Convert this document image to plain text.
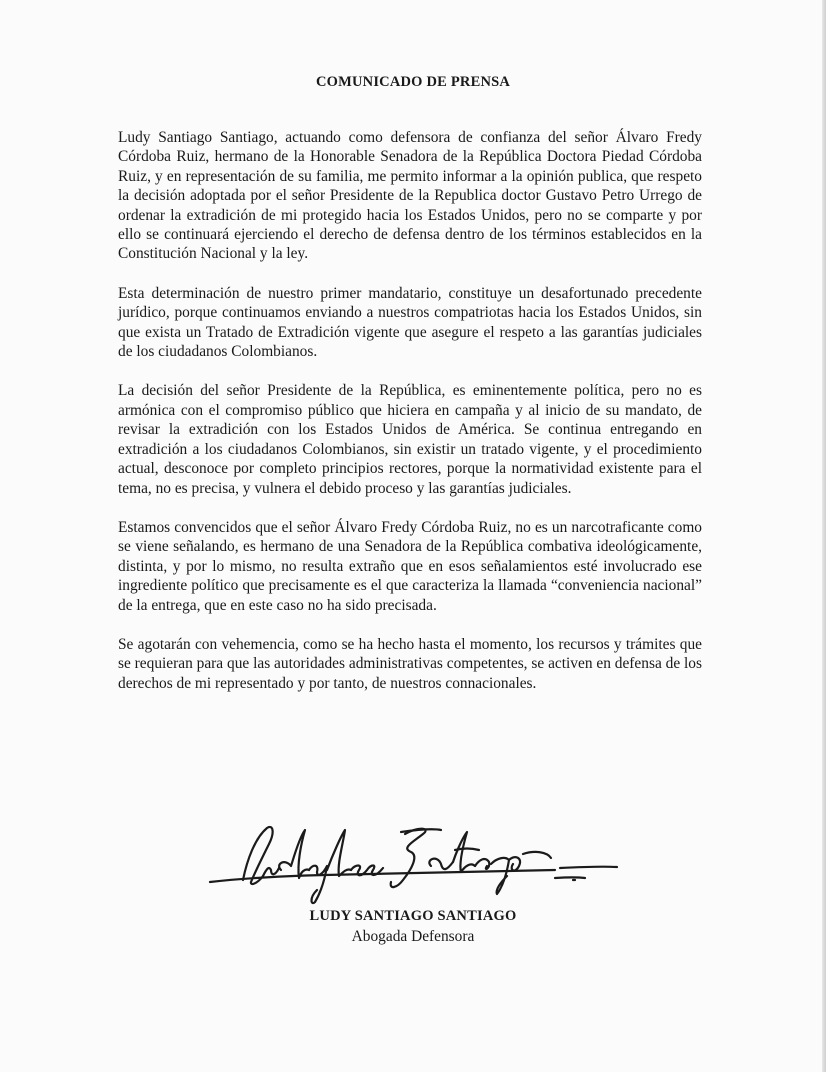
COMUNICADO DE PRENSA

Ludy Santiago Santiago, actuando como defensora de confianza del señor Álvaro Fredy Córdoba Ruiz, hermano de la Honorable Senadora de la República Doctora Piedad Córdoba Ruiz, y en representación de su familia, me permito informar a la opinión publica, que respeto la decisión adoptada por el señor Presidente de la Republica doctor Gustavo Petro Urrego de ordenar la extradición de mi protegido hacia los Estados Unidos, pero no se comparte y por ello se continuará ejerciendo el derecho de defensa dentro de los términos establecidos en la Constitución Nacional y la ley.

Esta determinación de nuestro primer mandatario, constituye un desafortunado precedente jurídico, porque continuamos enviando a nuestros compatriotas hacia los Estados Unidos, sin que exista un Tratado de Extradición vigente que asegure el respeto a las garantías judiciales de los ciudadanos Colombianos.

La decisión del señor Presidente de la República, es eminentemente política, pero no es armónica con el compromiso público que hiciera en campaña y al inicio de su mandato, de revisar la extradición con los Estados Unidos de América. Se continua entregando en extradición a los ciudadanos Colombianos, sin existir un tratado vigente, y el procedimiento actual, desconoce por completo principios rectores, porque la normatividad existente para el tema, no es precisa, y vulnera el debido proceso y las garantías judiciales.

Estamos convencidos que el señor Álvaro Fredy Córdoba Ruiz, no es un narcotraficante como se viene señalando, es hermano de una Senadora de la República combativa ideológicamente, distinta, y por lo mismo, no resulta extraño que en esos señalamientos esté involucrado ese ingrediente político que precisamente es el que caracteriza la llamada “conveniencia nacional” de la entrega, que en este caso no ha sido precisada.

Se agotarán con vehemencia, como se ha hecho hasta el momento, los recursos y trámites que se requieran para que las autoridades administrativas competentes, se activen en defensa de los derechos de mi representado y por tanto, de nuestros connacionales.

LUDY SANTIAGO SANTIAGO
Abogada Defensora
